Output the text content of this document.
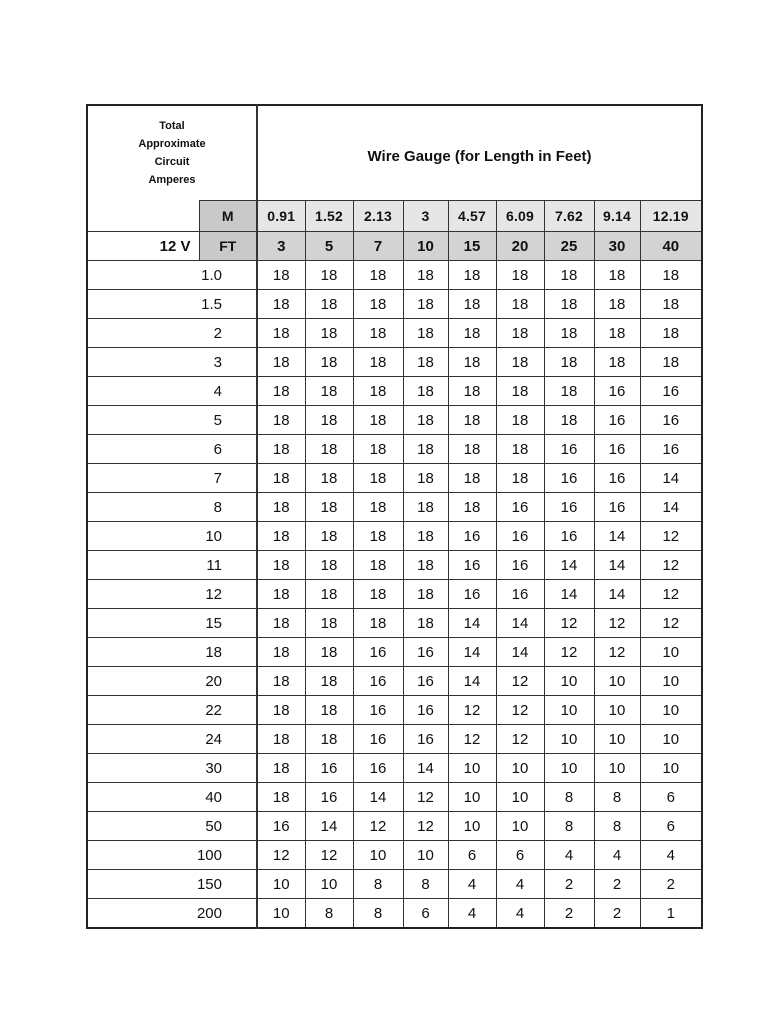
Total
Approximate
Circuit
Amperes		Wire Gauge (for Length in Feet)								
	M	0.91	1.52	2.13	3	4.57	6.09	7.62	9.14	12.19
12 V	FT	3	5	7	10	15	20	25	30	40
1.0		18	18	18	18	18	18	18	18	18
1.5		18	18	18	18	18	18	18	18	18
2		18	18	18	18	18	18	18	18	18
3		18	18	18	18	18	18	18	18	18
4		18	18	18	18	18	18	18	16	16
5		18	18	18	18	18	18	18	16	16
6		18	18	18	18	18	18	16	16	16
7		18	18	18	18	18	18	16	16	14
8		18	18	18	18	18	16	16	16	14
10		18	18	18	18	16	16	16	14	12
11		18	18	18	18	16	16	14	14	12
12		18	18	18	18	16	16	14	14	12
15		18	18	18	18	14	14	12	12	12
18		18	18	16	16	14	14	12	12	10
20		18	18	16	16	14	12	10	10	10
22		18	18	16	16	12	12	10	10	10
24		18	18	16	16	12	12	10	10	10
30		18	16	16	14	10	10	10	10	10
40		18	16	14	12	10	10	8	8	6
50		16	14	12	12	10	10	8	8	6
100		12	12	10	10	6	6	4	4	4
150		10	10	8	8	4	4	2	2	2
200		10	8	8	6	4	4	2	2	1
